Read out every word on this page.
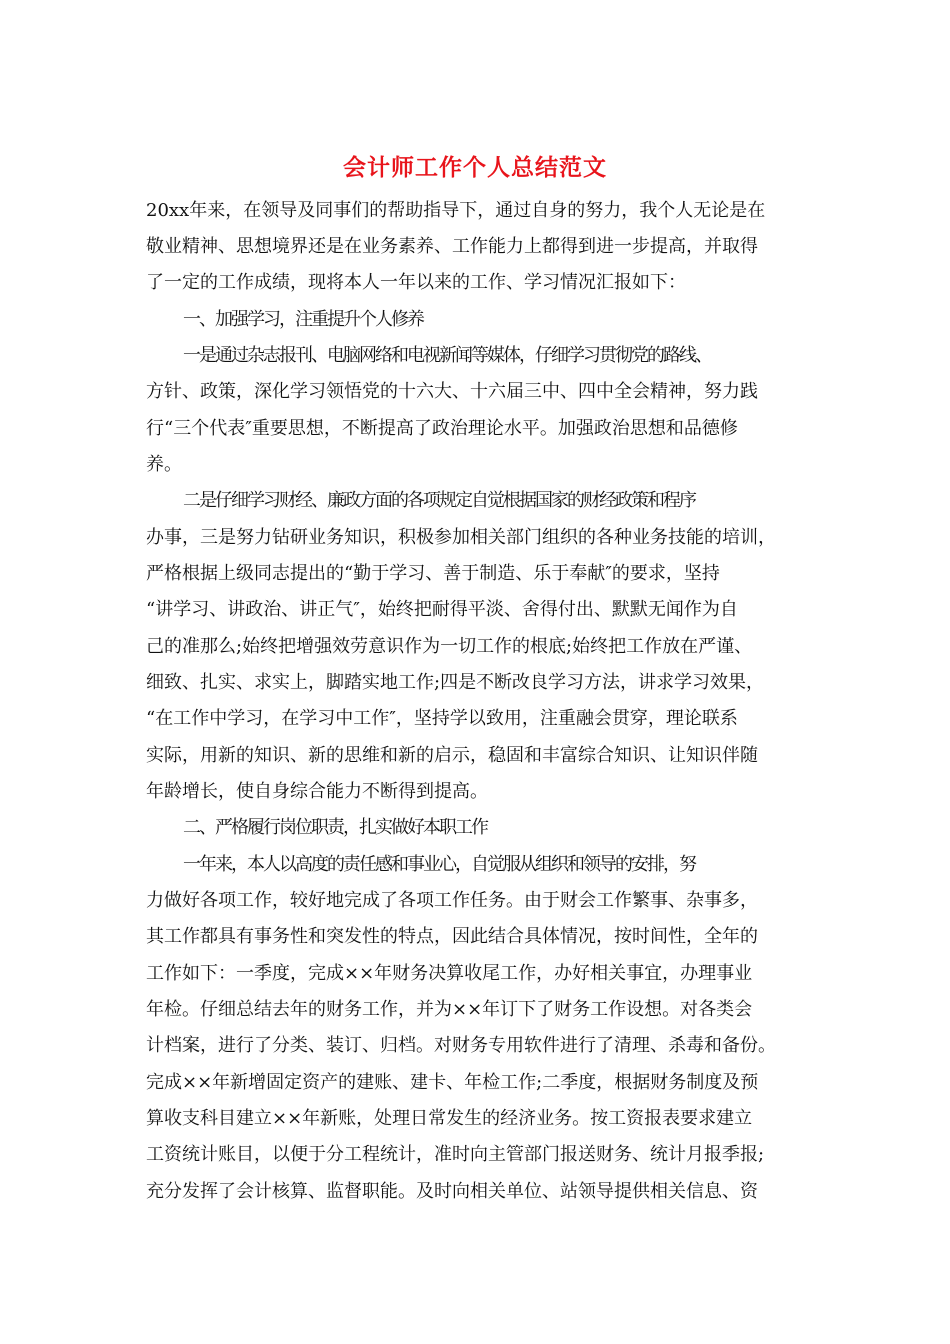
会计师工作个人总结范文
20xx年来，在领导及同事们的帮助指导下，通过自身的努力，我个人无论是在
敬业精神、思想境界还是在业务素养、工作能力上都得到进一步提高，并取得
了一定的工作成绩，现将本人一年以来的工作、学习情况汇报如下：
一、加强学习，注重提升个人修养
一是通过杂志报刊、电脑网络和电视新闻等媒体，仔细学习贯彻党的路线、
方针、政策，深化学习领悟党的十六大、十六届三中、四中全会精神，努力践
行“三个代表″重要思想，不断提高了政治理论水平。加强政治思想和品德修
养。
二是仔细学习财经、廉政方面的各项规定自觉根据国家的财经政策和程序
办事，三是努力钻研业务知识，积极参加相关部门组织的各种业务技能的培训，
严格根据上级同志提出的“勤于学习、善于制造、乐于奉献″的要求，坚持
“讲学习、讲政治、讲正气″，始终把耐得平淡、舍得付出、默默无闻作为自
己的准那么;始终把增强效劳意识作为一切工作的根底;始终把工作放在严谨、
细致、扎实、求实上，脚踏实地工作;四是不断改良学习方法，讲求学习效果，
“在工作中学习，在学习中工作″，坚持学以致用，注重融会贯穿，理论联系
实际，用新的知识、新的思维和新的启示，稳固和丰富综合知识、让知识伴随
年龄增长，使自身综合能力不断得到提高。
二、严格履行岗位职责，扎实做好本职工作
一年来，本人以高度的责任感和事业心，自觉服从组织和领导的安排，努
力做好各项工作，较好地完成了各项工作任务。由于财会工作繁事、杂事多，
其工作都具有事务性和突发性的特点，因此结合具体情况，按时间性，全年的
工作如下：一季度，完成××年财务决算收尾工作，办好相关事宜，办理事业
年检。仔细总结去年的财务工作，并为××年订下了财务工作设想。对各类会
计档案，进行了分类、装订、归档。对财务专用软件进行了清理、杀毒和备份。
完成××年新增固定资产的建账、建卡、年检工作;二季度，根据财务制度及预
算收支科目建立××年新账，处理日常发生的经济业务。按工资报表要求建立
工资统计账目，以便于分工程统计，准时向主管部门报送财务、统计月报季报;
充分发挥了会计核算、监督职能。及时向相关单位、站领导提供相关信息、资
